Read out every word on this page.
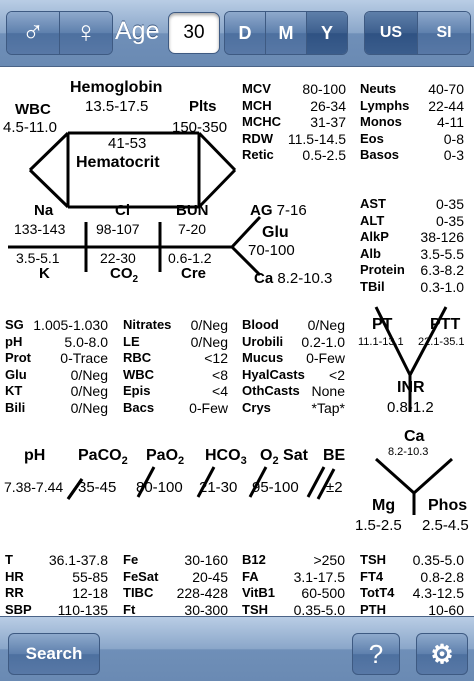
♂	♀ Age	30	D	M	Y	US	SI
Hemoglobin
13.5-17.5
WBC
4.5-11.0
Plts
150-350
41-53
Hematocrit
MCV 80-100
MCH	26-34
MCHC 31-37
RDW 11.5-14.5
Retic 0.5-2.5
Neuts 40-70
Lymphs 22-44
Monos	4-11
Eos	0-8
Basos	0-3
Na
133-143
Cl
98-107
BUN
7-20
AG 7-16
3.5-5.1
K
22-30
$CO_2$
0.6-1.2
Cre
Glu
70-100
Ca 8.2-10.3
AST	0-35
ALT	0-35
AlkP 38-126
Alb	3.5-5.5
Protein 6.3-8.2
TBil	0.3-1.0
SG 1.005-1.030
pH	5.0-8.0
Prot 0-Trace
Glu	0/Neg
KT	0/Neg
Bili	0/Neg
Nitrates 0/Neg
LE	0/Neg
RBC	<12
WBC	<8
Epis	<4
Bacs	0-Few
Blood 0/Neg
Urobili 0.2-1.0
Mucus 0-Few
HyalCasts <2
OthCasts None
Crys	*Tap*
PT
11.1-13.1
PTT
22.1-35.1
INR
0.8-1.2
pH
7.38-7.44
PaCO$_2$
35-45
PaO$_2$
80-100
$HCO_3$
21-30
$O_2$ Sat
95-100
BE
±2
Ca
8.2-10.3
Mg
1.5-2.5
Phos
2.5-4.5
T	36.1-37.8
HR	55-85
RR	12-18
SBP 110-135
Fe	30-160
FeSat 20-45
TIBC 228-428
Ft	30-300
B12	>250
FA	3.1-17.5
VitB1 60-500
TSH 0.35-5.0
TSH 0.35-5.0
FT4	0.8-2.8
TotT4 4.3-12.5
PTH	10-60
Search	?	⚙
